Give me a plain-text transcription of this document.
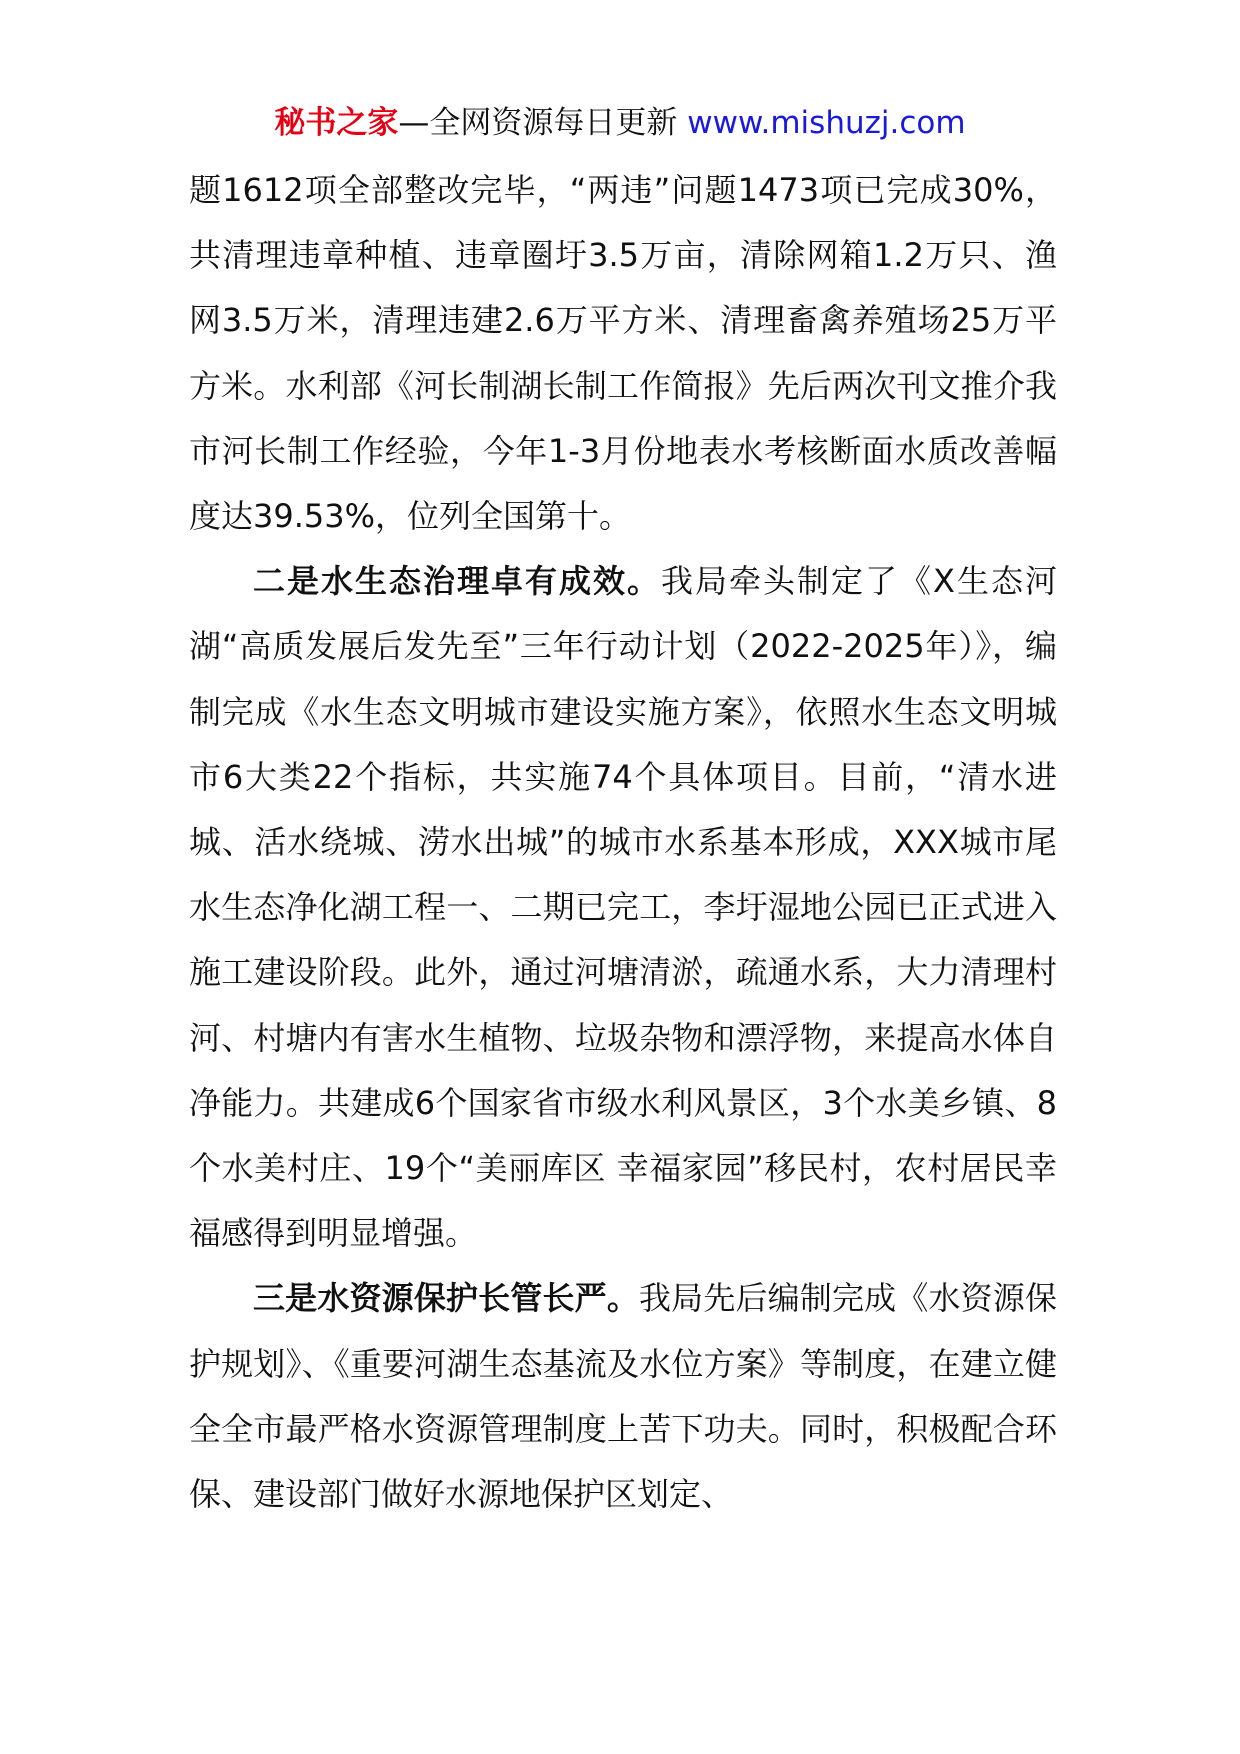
秘书之家—全网资源每日更新 www.mishuzj.com

题1612项全部整改完毕，“两违”问题1473项已完成30%，共清理违章种植、违章圈圩3.5万亩，清除网箱1.2万只、渔网3.5万米，清理违建2.6万平方米、清理畜禽养殖场25万平方米。水利部《河长制湖长制工作简报》先后两次刊文推介我市河长制工作经验，今年1-3月份地表水考核断面水质改善幅度达39.53%，位列全国第十。

二是水生态治理卓有成效。我局牵头制定了《X生态河湖“高质发展后发先至”三年行动计划（2022-2025年）》，编制完成《水生态文明城市建设实施方案》，依照水生态文明城市6大类22个指标，共实施74个具体项目。目前，“清水进城、活水绕城、涝水出城”的城市水系基本形成，XXX城市尾水生态净化湖工程一、二期已完工，李圩湿地公园已正式进入施工建设阶段。此外，通过河塘清淤，疏通水系，大力清理村河、村塘内有害水生植物、垃圾杂物和漂浮物，来提高水体自净能力。共建成6个国家省市级水利风景区，3个水美乡镇、8个水美村庄、19个“美丽库区 幸福家园”移民村，农村居民幸福感得到明显增强。

三是水资源保护长管长严。我局先后编制完成《水资源保护规划》、《重要河湖生态基流及水位方案》等制度，在建立健全全市最严格水资源管理制度上苦下功夫。同时，积极配合环保、建设部门做好水源地保护区划定、
